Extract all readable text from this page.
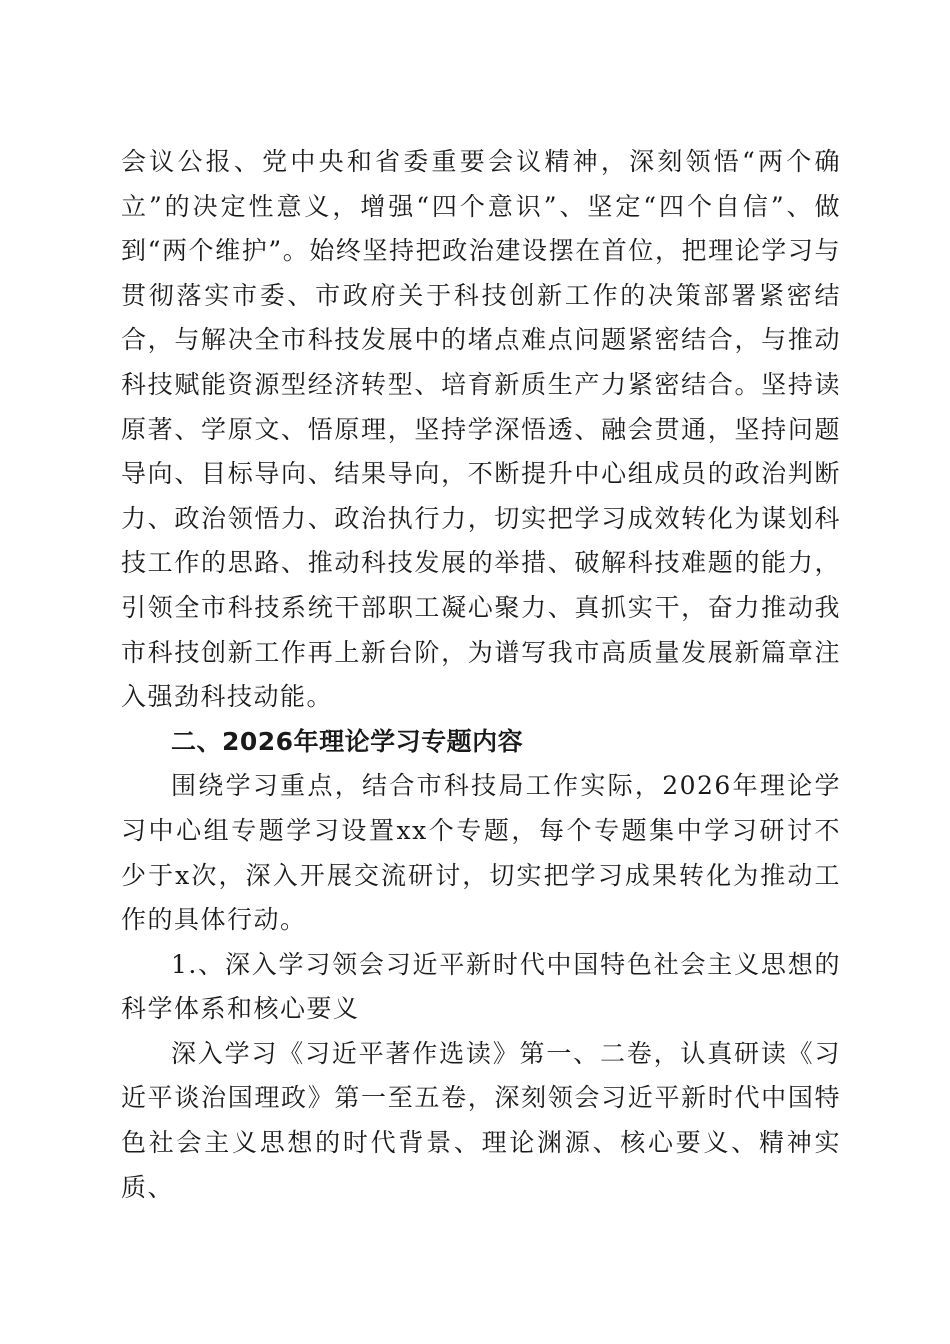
会议公报、党中央和省委重要会议精神，深刻领悟“两个确立”的决定性意义，增强“四个意识”、坚定“四个自信”、做到“两个维护”。始终坚持把政治建设摆在首位，把理论学习与贯彻落实市委、市政府关于科技创新工作的决策部署紧密结合，与解决全市科技发展中的堵点难点问题紧密结合，与推动科技赋能资源型经济转型、培育新质生产力紧密结合。坚持读原著、学原文、悟原理，坚持学深悟透、融会贯通，坚持问题导向、目标导向、结果导向，不断提升中心组成员的政治判断力、政治领悟力、政治执行力，切实把学习成效转化为谋划科技工作的思路、推动科技发展的举措、破解科技难题的能力，引领全市科技系统干部职工凝心聚力、真抓实干，奋力推动我市科技创新工作再上新台阶，为谱写我市高质量发展新篇章注入强劲科技动能。

二、2026年理论学习专题内容

围绕学习重点，结合市科技局工作实际，2026年理论学习中心组专题学习设置xx个专题，每个专题集中学习研讨不少于x次，深入开展交流研讨，切实把学习成果转化为推动工作的具体行动。

1.、深入学习领会习近平新时代中国特色社会主义思想的科学体系和核心要义

深入学习《习近平著作选读》第一、二卷，认真研读《习近平谈治国理政》第一至五卷，深刻领会习近平新时代中国特色社会主义思想的时代背景、理论渊源、核心要义、精神实质、
